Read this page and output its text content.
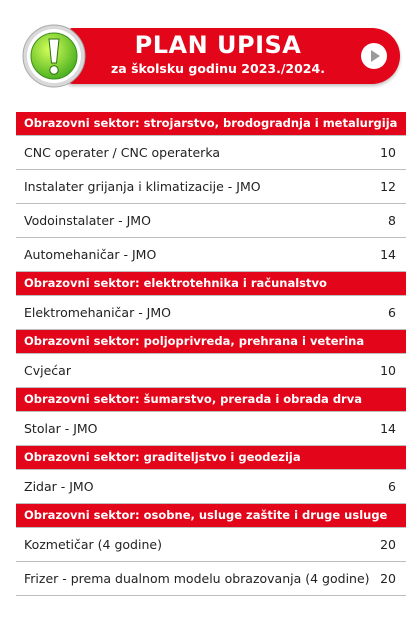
PLAN UPISA
za školsku godinu 2023./2024.
Obrazovni sektor: strojarstvo, brodogradnja i metalurgija
CNC operater / CNC operaterka	10
Instalater grijanja i klimatizacije - JMO	12
Vodoinstalater - JMO	8
Automehaničar - JMO	14
Obrazovni sektor: elektrotehnika i računalstvo
Elektromehaničar - JMO	6
Obrazovni sektor: poljoprivreda, prehrana i veterina
Cvjećar	10
Obrazovni sektor: šumarstvo, prerada i obrada drva
Stolar - JMO	14
Obrazovni sektor: graditeljstvo i geodezija
Zidar - JMO	6
Obrazovni sektor: osobne, usluge zaštite i druge usluge
Kozmetičar (4 godine)	20
Frizer - prema dualnom modelu obrazovanja (4 godine) 20
